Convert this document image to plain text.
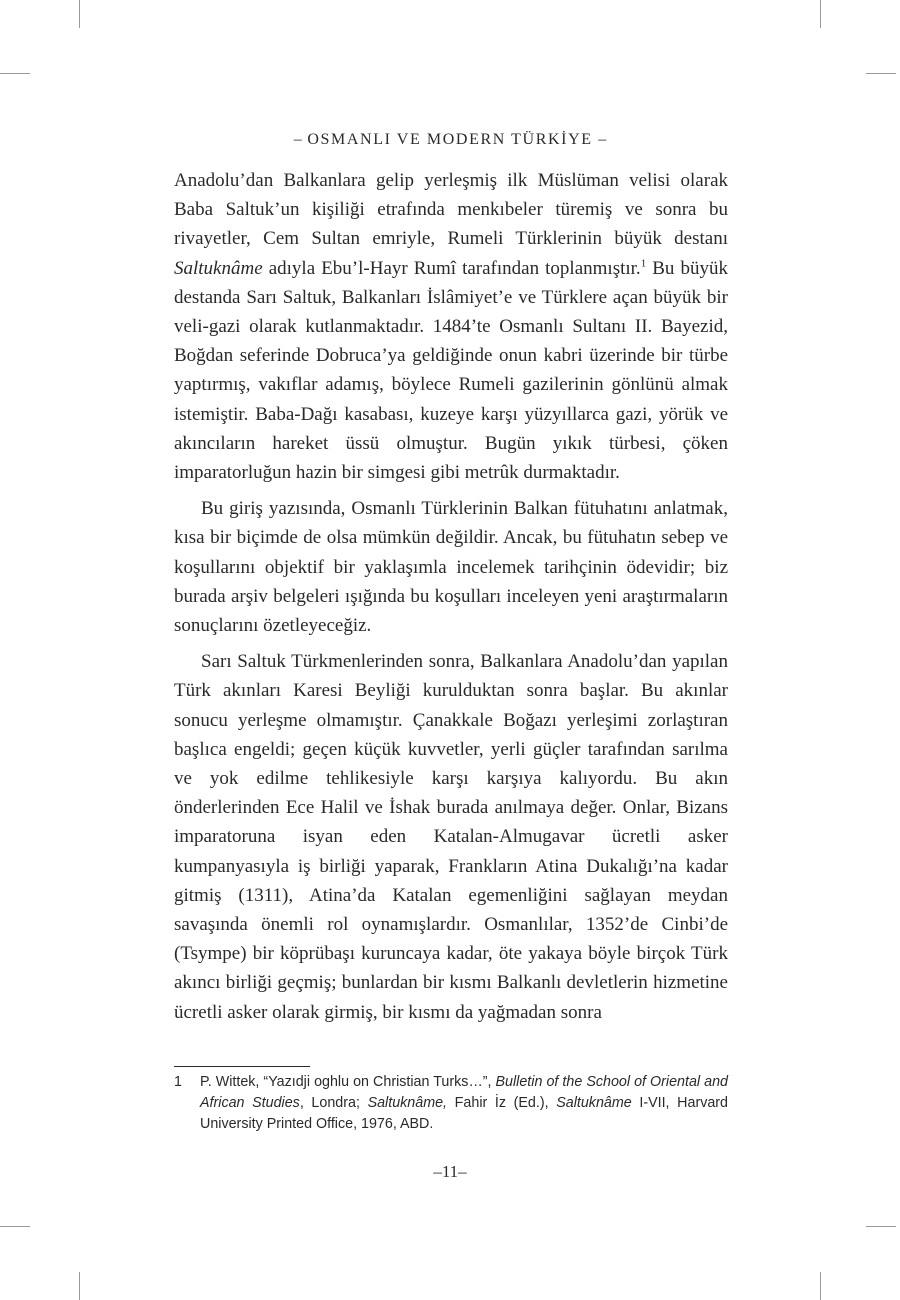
– OSMANLI VE MODERN TÜRKİYE –

Anadolu’dan Balkanlara gelip yerleşmiş ilk Müslüman velisi olarak Baba Saltuk’un kişiliği etrafında menkıbeler türemiş ve sonra bu rivayetler, Cem Sultan emriyle, Rumeli Türklerinin büyük destanı Saltuknâme adıyla Ebu’l-Hayr Rumî tarafından toplanmıştır.$^1$ Bu büyük destanda Sarı Saltuk, Balkanları İslâmiyet’e ve Türklere açan büyük bir veli-gazi olarak kutlanmaktadır. 1484’te Osmanlı Sultanı II. Bayezid, Boğdan seferinde Dobruca’ya geldiğinde onun kabri üzerinde bir türbe yaptırmış, vakıflar adamış, böylece Rumeli gazilerinin gönlünü almak istemiştir. Baba-Dağı kasabası, kuzeye karşı yüzyıllarca gazi, yörük ve akıncıların hareket üssü olmuştur. Bugün yıkık türbesi, çöken imparatorluğun hazin bir simgesi gibi metrûk durmaktadır.

Bu giriş yazısında, Osmanlı Türklerinin Balkan fütuhatını anlatmak, kısa bir biçimde de olsa mümkün değildir. Ancak, bu fütuhatın sebep ve koşullarını objektif bir yaklaşımla incelemek tarihçinin ödevidir; biz burada arşiv belgeleri ışığında bu koşulları inceleyen yeni araştırmaların sonuçlarını özetleyeceğiz.

Sarı Saltuk Türkmenlerinden sonra, Balkanlara Anadolu’dan yapılan Türk akınları Karesi Beyliği kurulduktan sonra başlar. Bu akınlar sonucu yerleşme olmamıştır. Çanakkale Boğazı yerleşimi zorlaştıran başlıca engeldi; geçen küçük kuvvetler, yerli güçler tarafından sarılma ve yok edilme tehlikesiyle karşı karşıya kalıyordu. Bu akın önderlerinden Ece Halil ve İshak burada anılmaya değer. Onlar, Bizans imparatoruna isyan eden Katalan-Almugavar ücretli asker kumpanyasıyla iş birliği yaparak, Frankların Atina Dukalığı’na kadar gitmiş (1311), Atina’da Katalan egemenliğini sağlayan meydan savaşında önemli rol oynamışlardır. Osmanlılar, 1352’de Cinbi’de (Tsympe) bir köprübaşı kuruncaya kadar, öte yakaya böyle birçok Türk akıncı birliği geçmiş; bunlardan bir kısmı Balkanlı devletlerin hizmetine ücretli asker olarak girmiş, bir kısmı da yağmadan sonra

1	P. Wittek, “Yazıdji oghlu on Christian Turks…”, Bulletin of the School of Oriental and African Studies, Londra; Saltuknâme, Fahir İz (Ed.), Saltuknâme I-VII, Harvard University Printed Office, 1976, ABD.
–11–
